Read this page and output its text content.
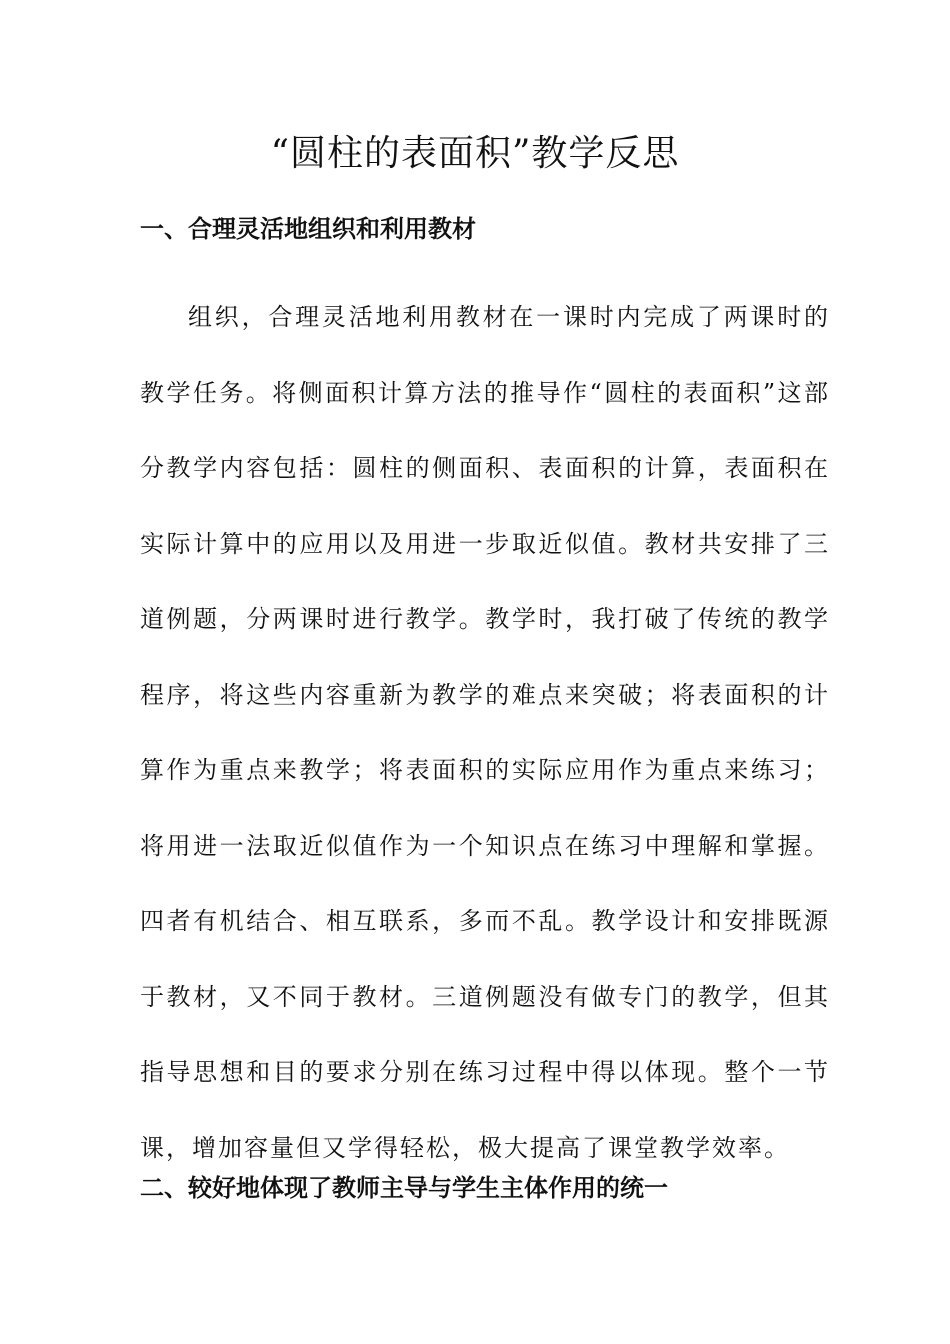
“圆柱的表面积”教学反思
一、合理灵活地组织和利用教材

组织，合理灵活地利用教材在一课时内完成了两课时的教学任务。将侧面积计算方法的推导作“圆柱的表面积”这部分教学内容包括：圆柱的侧面积、表面积的计算，表面积在实际计算中的应用以及用进一步取近似值。教材共安排了三道例题，分两课时进行教学。教学时，我打破了传统的教学程序，将这些内容重新为教学的难点来突破；将表面积的计算作为重点来教学；将表面积的实际应用作为重点来练习；将用进一法取近似值作为一个知识点在练习中理解和掌握。四者有机结合、相互联系，多而不乱。教学设计和安排既源于教材，又不同于教材。三道例题没有做专门的教学，但其指导思想和目的要求分别在练习过程中得以体现。整个一节课，增加容量但又学得轻松，极大提高了课堂教学效率。

二、较好地体现了教师主导与学生主体作用的统一
